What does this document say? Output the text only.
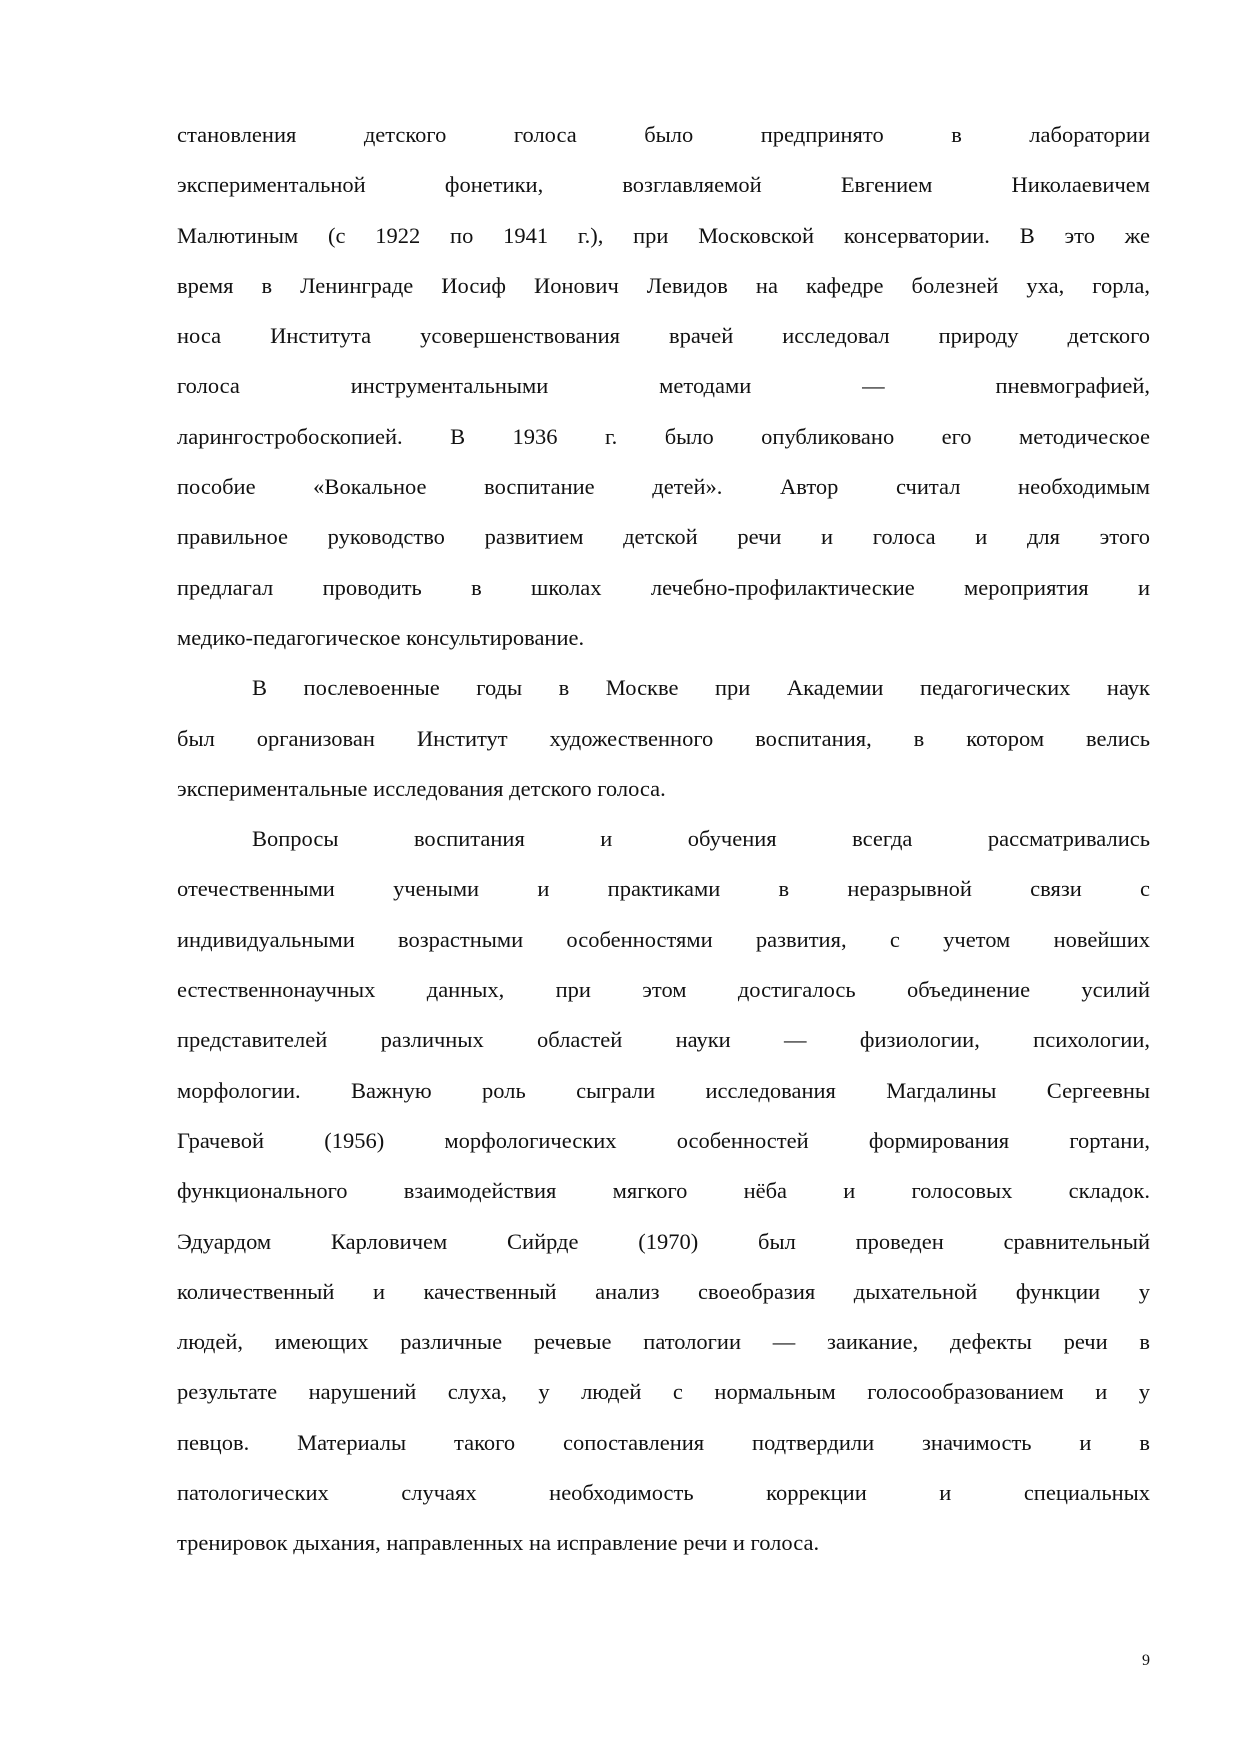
становления детского голоса было предпринято в лаборатории
экспериментальной фонетики, возглавляемой Евгением Николаевичем
Малютиным (с 1922 по 1941 г.), при Московской консерватории. В это же
время в Ленинграде Иосиф Ионович Левидов на кафедре болезней уха, горла,
носа Института усовершенствования врачей исследовал природу детского
голоса инструментальными методами — пневмографией,
ларингостробоскопией. В 1936 г. было опубликовано его методическое
пособие «Вокальное воспитание детей». Автор считал необходимым
правильное руководство развитием детской речи и голоса и для этого
предлагал проводить в школах лечебно-профилактические мероприятия и
медико-педагогическое консультирование.
В послевоенные годы в Москве при Академии педагогических наук
был организован Институт художественного воспитания, в котором велись
экспериментальные исследования детского голоса.
Вопросы воспитания и обучения всегда рассматривались
отечественными учеными и практиками в неразрывной связи с
индивидуальными возрастными особенностями развития, с учетом новейших
естественнонаучных данных, при этом достигалось объединение усилий
представителей различных областей науки — физиологии, психологии,
морфологии. Важную роль сыграли исследования Магдалины Сергеевны
Грачевой (1956) морфологических особенностей формирования гортани,
функционального взаимодействия мягкого нёба и голосовых складок.
Эдуардом Карловичем Сийрде (1970) был проведен сравнительный
количественный и качественный анализ своеобразия дыхательной функции у
людей, имеющих различные речевые патологии — заикание, дефекты речи в
результате нарушений слуха, у людей с нормальным голосообразованием и у
певцов. Материалы такого сопоставления подтвердили значимость и в
патологических случаях необходимость коррекции и специальных
тренировок дыхания, направленных на исправление речи и голоса.
9
